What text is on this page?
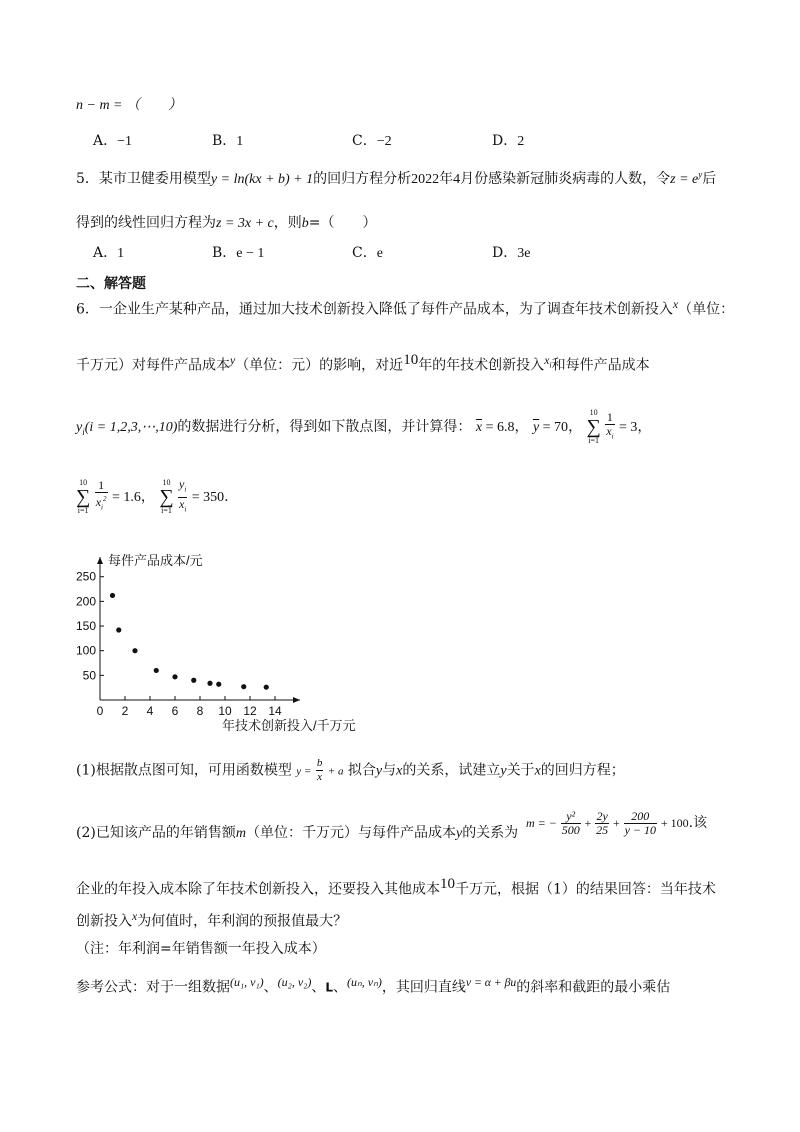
n − m = （　　）
A．−1	B．1	C．−2	D．2
5．某市卫健委用模型y = ln(kx + b) + 1的回归方程分析2022年4月份感染新冠肺炎病毒的人数，令$z = e^y$后
得到的线性回归方程为z = 3x + c，则b=（　　）
A．1	B．e − 1	C．e	D．3e
二、解答题
6．一企业生产某种产品，通过加大技术创新投入降低了每件产品成本，为了调查年技术创新投入$^x$（单位：
千万元）对每件产品成本$^y$（单位：元）的影响，对近$^{10}$年的年技术创新投入$^{x_i}$和每件产品成本
$y_i(i$ = 1,2,3,⋯,10)的数据进行分析，得到如下散点图，并计算得： $\overline{x} = 6.8$， $\overline{y} = 70$，
10
∑
i=1
$\frac{1}{x_i} = 3$，
10
∑
i=1
$\frac{1}{x_i^2} = 1.6$，
10
∑
i=1
$\frac{y_i}{x_i} = 350$.
50
100
150
200
250
0 2 4 6 8 10 12 14
每件产品成本/元
年技术创新投入/千万元
(1)根据散点图可知，可用函数模型 $y = \frac{b}{x} + a$ 拟合y与x的关系，试建立y关于x的回归方程；
(2)已知该产品的年销售额m（单位：千万元）与每件产品成本y的关系为
m = − $\frac{\text{y²}}{500} + \frac{2y}{25} + \frac{200}{y - 10} + 100$.该
企业的年投入成本除了年技术创新投入，还要投入其他成本$^{10}$千万元，根据（1）的结果回答：当年技术
创新投入$^x$为何值时，年利润的预报值最大？
（注：年利润=年销售额一年投入成本）
参考公式：对于一组数据$^{(u_1, v_1)}$、$^{(u_2, v_2)}$、L、$^{(u_n, v_n)}$，其回归直线$^{v = \alpha + \beta u}$的斜率和截距的最小乘估
